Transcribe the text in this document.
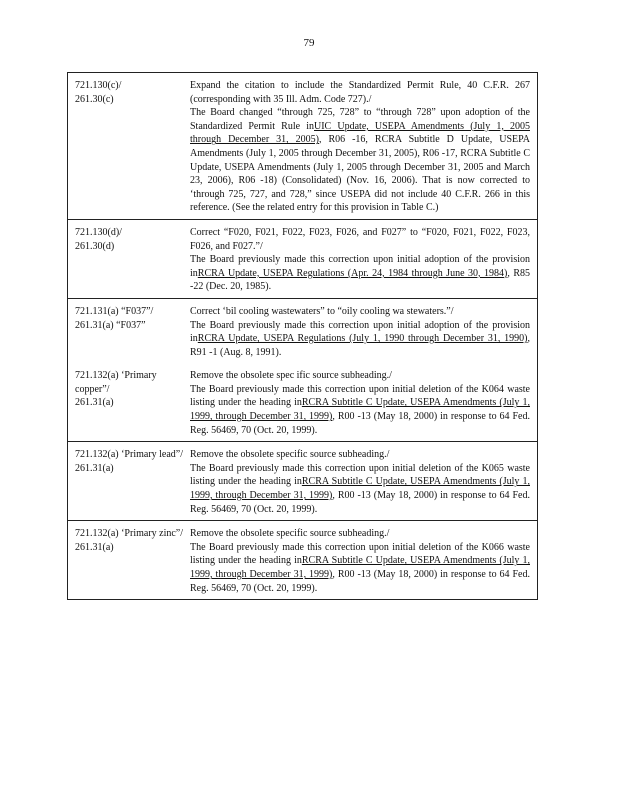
79
721.130(c)/
261.30(c)
Expand the citation to include the Standardized Permit Rule, 40 C.F.R. 267 (corresponding with 35 Ill. Adm. Code 727)./
The Board changed “through 725, 728” to “through 728” upon adoption of the Standardized Permit Rule inUIC Update, USEPA Amendments (July 1, 2005 through December 31, 2005), R06 -16, RCRA Subtitle D Update, USEPA Amendments (July 1, 2005 through December 31, 2005), R06 -17, RCRA Subtitle C Update, USEPA Amendments (July 1, 2005 through December 31, 2005 and March 23, 2006), R06 -18) (Consolidated) (Nov. 16, 2006). That is now corrected to ‘through 725, 727, and 728,” since USEPA did not include 40 C.F.R. 266 in this reference. (See the related entry for this provision in Table C.)
721.130(d)/
261.30(d)
Correct “F020, F021, F022, F023, F026, and F027” to “F020, F021, F022, F023, F026, and F027.”/
The Board previously made this correction upon initial adoption of the provision inRCRA Update, USEPA Regulations (Apr. 24, 1984 through June 30, 1984), R85 -22 (Dec. 20, 1985).
721.131(a) “F037”/
261.31(a) “F037”
Correct ‘bil cooling wastewaters” to “oily cooling wa stewaters.”/
The Board previously made this correction upon initial adoption of the provision inRCRA Update, USEPA Regulations (July 1, 1990 through December 31, 1990), R91 -1 (Aug. 8, 1991).
721.132(a) ‘Primary copper”/
261.31(a)
Remove the obsolete spec ific source subheading./
The Board previously made this correction upon initial deletion of the K064 waste listing under the heading inRCRA Subtitle C Update, USEPA Amendments (July 1, 1999, through December 31, 1999), R00 -13 (May 18, 2000) in response to 64 Fed. Reg. 56469, 70 (Oct. 20, 1999).
721.132(a) ‘Primary lead”/
261.31(a)
Remove the obsolete specific source subheading./
The Board previously made this correction upon initial deletion of the K065 waste listing under the heading inRCRA Subtitle C Update, USEPA Amendments (July 1, 1999, through December 31, 1999), R00 -13 (May 18, 2000) in response to 64 Fed. Reg. 56469, 70 (Oct. 20, 1999).
721.132(a) ‘Primary zinc”/
261.31(a)
Remove the obsolete specific source subheading./
The Board previously made this correction upon initial deletion of the K066 waste listing under the heading inRCRA Subtitle C Update, USEPA Amendments (July 1, 1999, through December 31, 1999), R00 -13 (May 18, 2000) in response to 64 Fed. Reg. 56469, 70 (Oct. 20, 1999).
